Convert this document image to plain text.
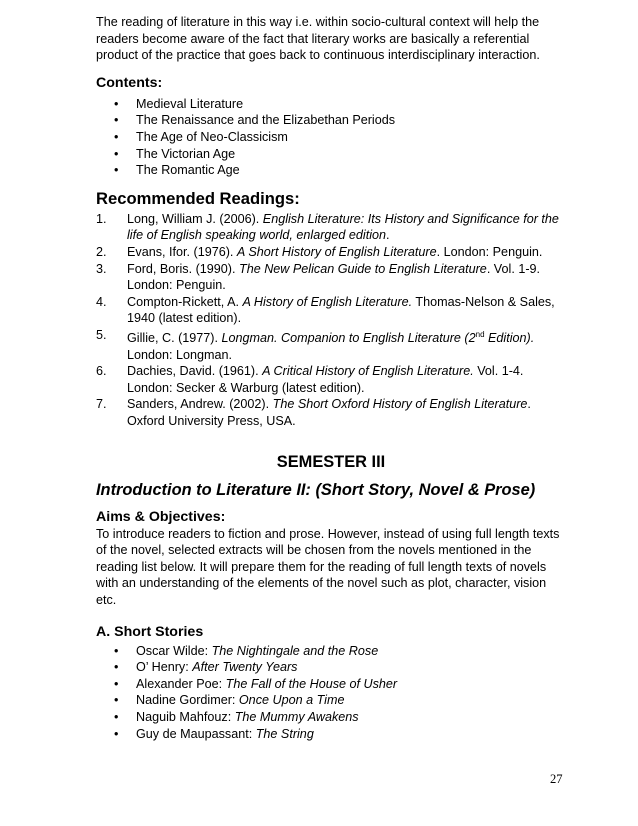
The reading of literature in this way i.e. within socio-cultural context will help the readers become aware of the fact that literary works are basically a referential product of the practice that goes back to continuous interdisciplinary interaction.

Contents:
• Medieval Literature
• The Renaissance and the Elizabethan Periods
• The Age of Neo-Classicism
• The Victorian Age
• The Romantic Age
Recommended Readings:
1. Long, William J. (2006). English Literature: Its History and Significance for the life of English speaking world, enlarged edition.
2. Evans, Ifor. (1976). A Short History of English Literature. London: Penguin.
3. Ford, Boris. (1990). The New Pelican Guide to English Literature. Vol. 1-9. London: Penguin.
4. Compton-Rickett, A. A History of English Literature. Thomas-Nelson & Sales, 1940 (latest edition).
5. Gillie, C. (1977). Longman. Companion to English Literature (2nd Edition). London: Longman.
6. Dachies, David. (1961). A Critical History of English Literature. Vol. 1-4. London: Secker & Warburg (latest edition).
7. Sanders, Andrew. (2002). The Short Oxford History of English Literature. Oxford University Press, USA.
SEMESTER III
Introduction to Literature II: (Short Story, Novel & Prose)
Aims & Objectives:

To introduce readers to fiction and prose. However, instead of using full length texts of the novel, selected extracts will be chosen from the novels mentioned in the reading list below. It will prepare them for the reading of full length texts of novels with an understanding of the elements of the novel such as plot, character, vision etc.

A. Short Stories
• Oscar Wilde: The Nightingale and the Rose
• O’ Henry: After Twenty Years
• Alexander Poe: The Fall of the House of Usher
• Nadine Gordimer: Once Upon a Time
• Naguib Mahfouz: The Mummy Awakens
• Guy de Maupassant: The String
27
